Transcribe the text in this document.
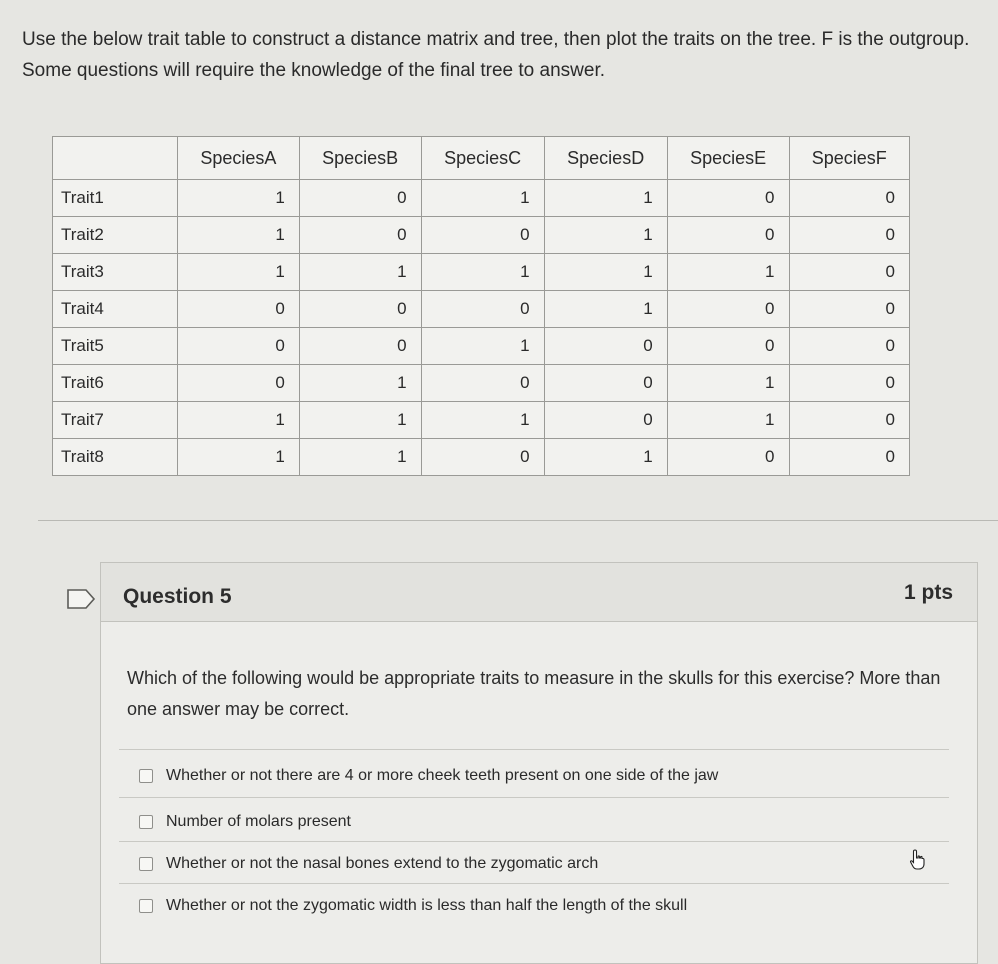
Use the below trait table to construct a distance matrix and tree, then plot the traits on the tree. F is the outgroup. Some questions will require the knowledge of the final tree to answer.
	SpeciesA	SpeciesB	SpeciesC	SpeciesD	SpeciesE	SpeciesF
Trait1	1	0	1	1	0	0
Trait2	1	0	0	1	0	0
Trait3	1	1	1	1	1	0
Trait4	0	0	0	1	0	0
Trait5	0	0	1	0	0	0
Trait6	0	1	0	0	1	0
Trait7	1	1	1	0	1	0
Trait8	1	1	0	1	0	0
Question 5	1 pts
Which of the following would be appropriate traits to measure in the skulls for this exercise? More than one answer may be correct.
Whether or not there are 4 or more cheek teeth present on one side of the jaw
Number of molars present
Whether or not the nasal bones extend to the zygomatic arch
Whether or not the zygomatic width is less than half the length of the skull
